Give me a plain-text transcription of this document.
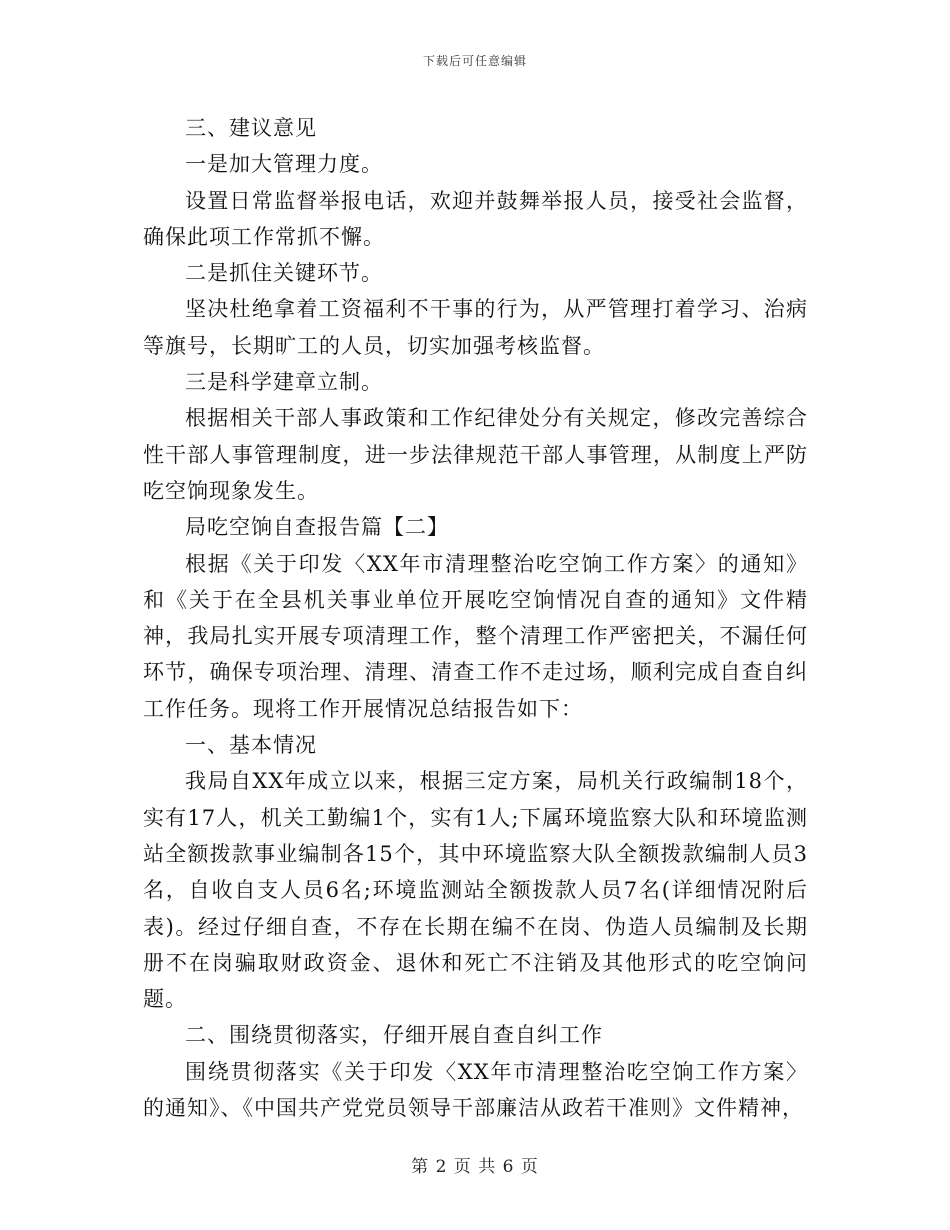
下载后可任意编辑

三、建议意见

一是加大管理力度。

设置日常监督举报电话，欢迎并鼓舞举报人员，接受社会监督，确保此项工作常抓不懈。

二是抓住关键环节。

坚决杜绝拿着工资福利不干事的行为，从严管理打着学习、治病等旗号，长期旷工的人员，切实加强考核监督。

三是科学建章立制。

根据相关干部人事政策和工作纪律处分有关规定，修改完善综合性干部人事管理制度，进一步法律规范干部人事管理，从制度上严防吃空饷现象发生。

局吃空饷自查报告篇【二】

根据《关于印发〈XX年市清理整治吃空饷工作方案〉的通知》和《关于在全县机关事业单位开展吃空饷情况自查的通知》文件精神，我局扎实开展专项清理工作，整个清理工作严密把关，不漏任何环节，确保专项治理、清理、清查工作不走过场，顺利完成自查自纠工作任务。现将工作开展情况总结报告如下：

一、基本情况

我局自XX年成立以来，根据三定方案，局机关行政编制18个，实有17人，机关工勤编1个，实有1人;下属环境监察大队和环境监测站全额拨款事业编制各15个，其中环境监察大队全额拨款编制人员3名，自收自支人员6名;环境监测站全额拨款人员7名(详细情况附后表)。经过仔细自查，不存在长期在编不在岗、伪造人员编制及长期册不在岗骗取财政资金、退休和死亡不注销及其他形式的吃空饷问题。

二、围绕贯彻落实，仔细开展自查自纠工作

围绕贯彻落实《关于印发〈XX年市清理整治吃空饷工作方案〉的通知》、《中国共产党党员领导干部廉洁从政若干准则》文件精神，

第 2 页 共 6 页
